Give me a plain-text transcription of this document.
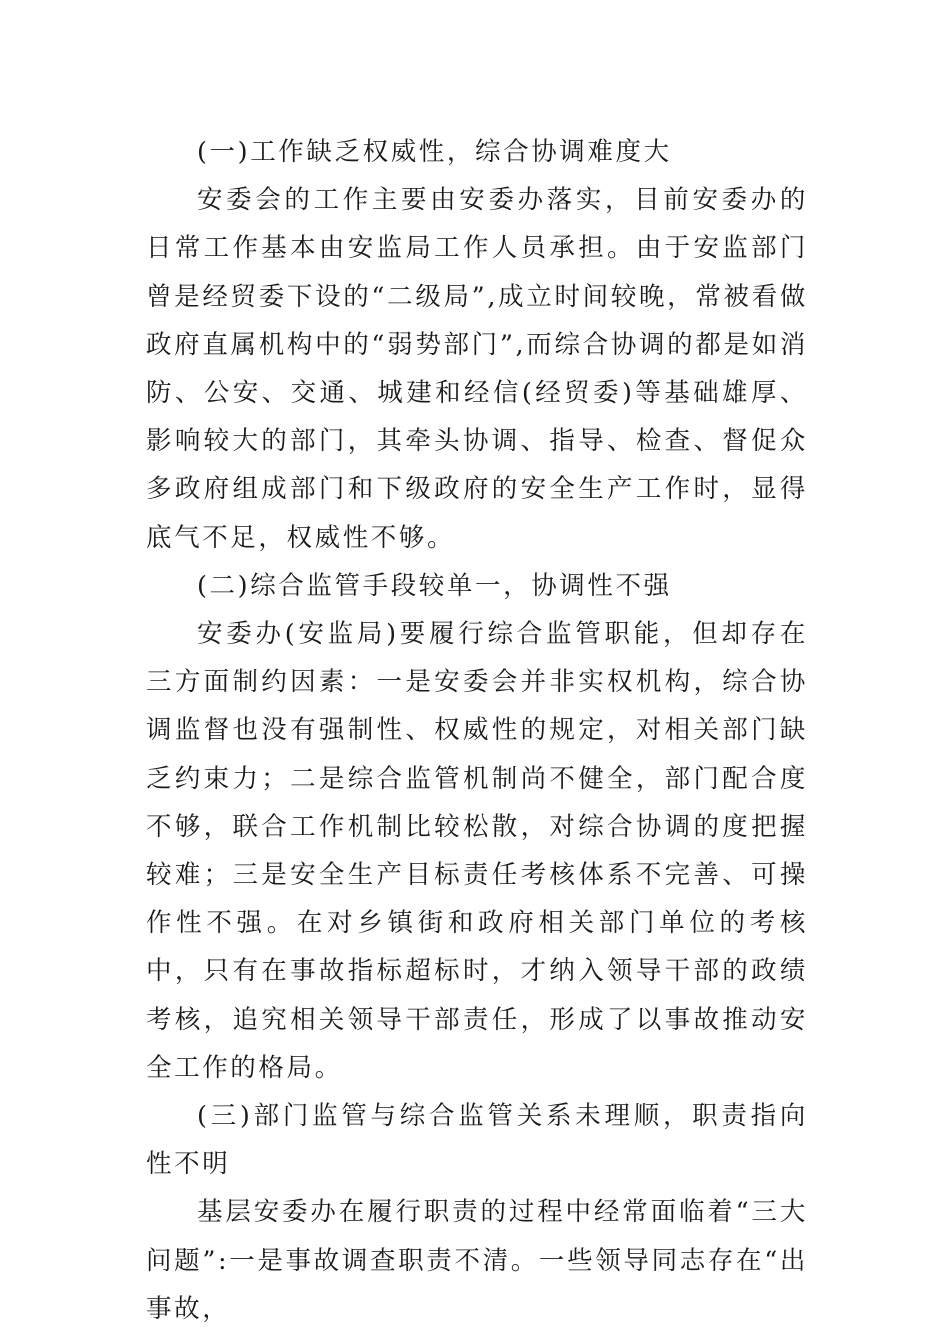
(一)工作缺乏权威性，综合协调难度大

安委会的工作主要由安委办落实，目前安委办的日常工作基本由安监局工作人员承担。由于安监部门曾是经贸委下设的“二级局”,成立时间较晚，常被看做政府直属机构中的“弱势部门”,而综合协调的都是如消防、公安、交通、城建和经信(经贸委)等基础雄厚、影响较大的部门，其牵头协调、指导、检查、督促众多政府组成部门和下级政府的安全生产工作时，显得底气不足，权威性不够。

(二)综合监管手段较单一，协调性不强

安委办(安监局)要履行综合监管职能，但却存在三方面制约因素：一是安委会并非实权机构，综合协调监督也没有强制性、权威性的规定，对相关部门缺乏约束力；二是综合监管机制尚不健全，部门配合度不够，联合工作机制比较松散，对综合协调的度把握较难；三是安全生产目标责任考核体系不完善、可操作性不强。在对乡镇街和政府相关部门单位的考核中，只有在事故指标超标时，才纳入领导干部的政绩考核，追究相关领导干部责任，形成了以事故推动安全工作的格局。

(三)部门监管与综合监管关系未理顺，职责指向性不明

基层安委办在履行职责的过程中经常面临着“三大问题”:一是事故调查职责不清。一些领导同志存在“出事故，
